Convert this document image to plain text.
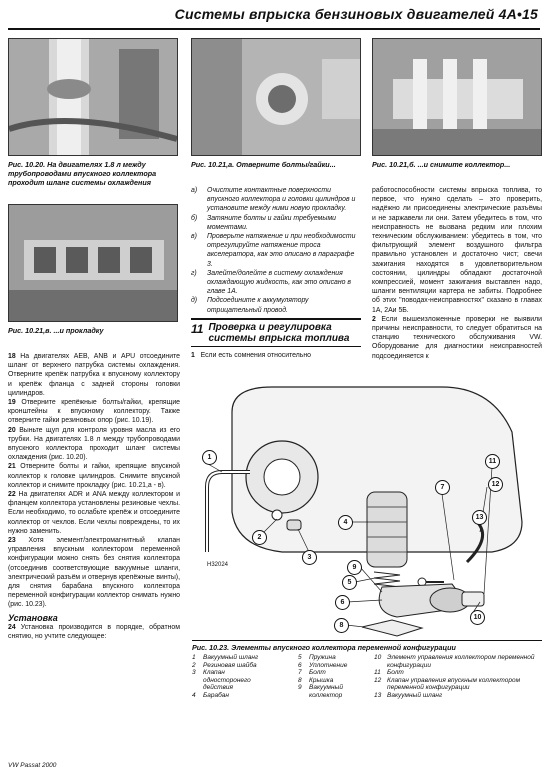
Системы впрыска бензиновых двигателей 4А•15
Рис. 10.20. На двигателях 1.8 л между трубопроводами впускного коллектора проходит шланг системы охлаждения
Рис. 10.21,а. Отверните болты/гайки...	Рис. 10.21,б. ...и снимите коллектор...
Рис. 10.21,в. ...и прокладку
18 На двигателях AEB, ANB и APU отсоедините шланг от верхнего патрубка системы охлаждения. Отверните крепёж патрубка к впускному коллектору и крепёж фланца с задней стороны головки цилиндров.
19 Отверните крепёжные болты/гайки, крепящие кронштейны к впускному коллектору. Также отверните гайки резиновых опор (рис. 10.19).
20 Выньте щуп для контроля уровня масла из его трубки. На двигателях 1.8 л между трубопроводами впускного коллектора проходит шланг системы охлаждения (рис. 10.20).
21 Отверните болты и гайки, крепящие впускной коллектор к головке цилиндров. Снимите впускной коллектор и снимите прокладку (рис. 10.21,а - в).
22 На двигателях ADR и ANA между коллектором и фланцем коллектора установлены резиновые чехлы. Если необходимо, то ослабьте крепёж и отсоедините коллектор от чехлов. Если чехлы повреждены, то их нужно заменить.
23 Хотя элемент/электромагнитный клапан управления впускным коллектором переменной конфигурации можно снять без снятия коллектора (отсоединив соответствующие вакуумные шланги, электрический разъём и отвернув крепёжные винты), для снятия барабана впускного коллектора переменной конфигурации коллектор снимать нужно (рис. 10.23).
Установка
24 Установка производится в порядке, обратном снятию, но учтите следующее:
а) Очистите контактные поверхности впускного коллектора и головки цилиндров и установите между ними новую прокладку.
б) Затяните болты и гайки требуемыми моментами.
в) Проверьте натяжение и при необходимости отрегулируйте натяжение троса акселератора, как это описано в параграфе 3.
г) Залейте/долейте в систему охлаждения охлаждающую жидкость, как это описано в главе 1А.
д) Подсоедините к аккумулятору отрицательный провод.
11 Проверка и регулировка
системы впрыска топлива
1 Если есть сомнения относительно
работоспособности системы впрыска топлива, то первое, что нужно сделать – это проверить, надёжно ли присоединены электрические разъёмы и не заржавели ли они. Затем убедитесь в том, что неисправность не вызвана редким или плохим техническим обслуживанием: убедитесь в том, что фильтрующий элемент воздушного фильтра правильно установлен и достаточно чист; свечи зажигания находятся в удовлетворительном состоянии, цилиндры обладают достаточной компрессией, момент зажигания выставлен надо, шланги вентиляции картера не забиты. Подробнее об этих "поводах-неисправностях" сказано в главах 1А, 2Аи 5Б.
2 Если вышеизложенные проверки не выявили причины неисправности, то следует обратиться на станцию технического обслуживания VW. Оборудование для диагностики неисправностей подсоединяется к
1
2
3
4
5
6
7
8
9
10
11
12
13
H32024
Рис. 10.23. Элементы впускного коллектора переменной конфигурации
1 Вакуумный шланг
2 Резиновая шайба
3	Клапан односторонего действия
4 Барабан
5 Пружина
6 Уплотнение
7 Болт
8 Крышка
9	Вакуумный коллектор
10 Элемент управления коллектором переменной конфигурации
11 Болт
12 Клапан управления впускным коллектором переменной конфигурации
13 Вакуумный шланг
VW Passat 2000
